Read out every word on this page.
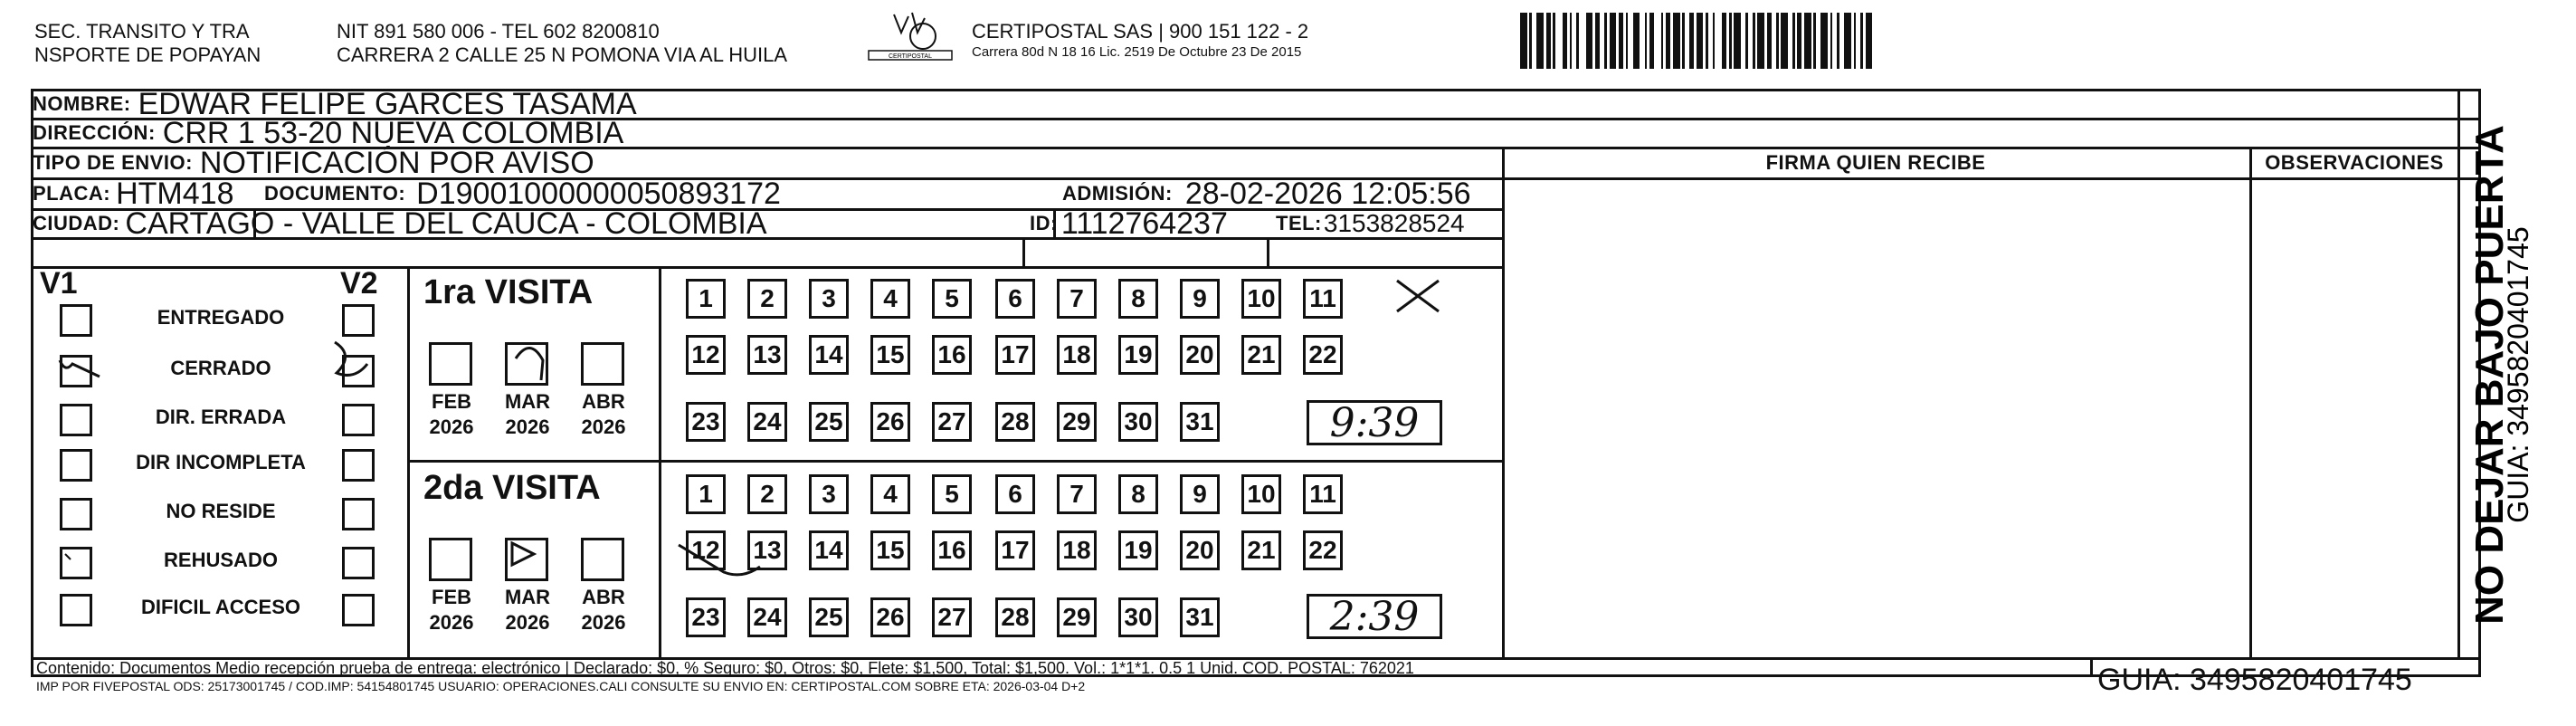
SEC. TRANSITO Y TRA
NSPORTE DE POPAYAN
NIT 891 580 006 - TEL 602 8200810
CARRERA 2 CALLE 25 N POMONA VIA AL HUILA	CERTIPOSTAL
CERTIPOSTAL SAS | 900 151 122 - 2
Carrera 80d N 18 16 Lic. 2519 De Octubre 23 De 2015
NOMBRE: EDWAR FELIPE GARCES TASAMA
DIRECCIÓN: CRR 1 53-20 NUEVA COLOMBIA
TIPO DE ENVIO: NOTIFICACIÓN POR AVISO	FIRMA QUIEN RECIBE	OBSERVACIONES
PLACA: HTM418 DOCUMENTO: D19001000000050893172	ADMISIÓN: 28-02-2026 12:05:56
CIUDAD: CARTAGO - VALLE DEL CAUCA - COLOMBIA	ID: 1112764237 TEL: 3153828524
V1	V2
ENTREGADO
CERRADO
DIR. ERRADA
DIR INCOMPLETA
NO RESIDE
REHUSADO
DIFICIL ACCESO
1ra VISITA
2da VISITA
FEB
2026
MAR
2026
ABR
2026
FEB
2026
MAR
2026
ABR
2026
1	2	3	4	5	6	7	8	9	10 11
12 13 14 15 16 17 18 19 20 21 22
23 24 25 26 27 28 29 30 31
1	2	3	4	5	6	7	8	9	10 11
12 13 14 15 16 17 18 19 20 21 22
23 24 25 26 27 28 29 30 31
9:39
2:39
Contenido: Documentos Medio recepción prueba de entrega: electrónico | Declarado: $0, % Seguro: $0, Otros: $0, Flete: $1,500, Total: $1,500. Vol.: 1*1*1. 0.5 1 Unid. COD. POSTAL: 762021
IMP POR FIVEPOSTAL ODS: 25173001745 / COD.IMP: 54154801745 USUARIO: OPERACIONES.CALI CONSULTE SU ENVIO EN: CERTIPOSTAL.COM SOBRE ETA: 2026-03-04 D+2	GUIA: 3495820401745
NO DEJAR BAJO PUERTA
GUIA: 3495820401745
